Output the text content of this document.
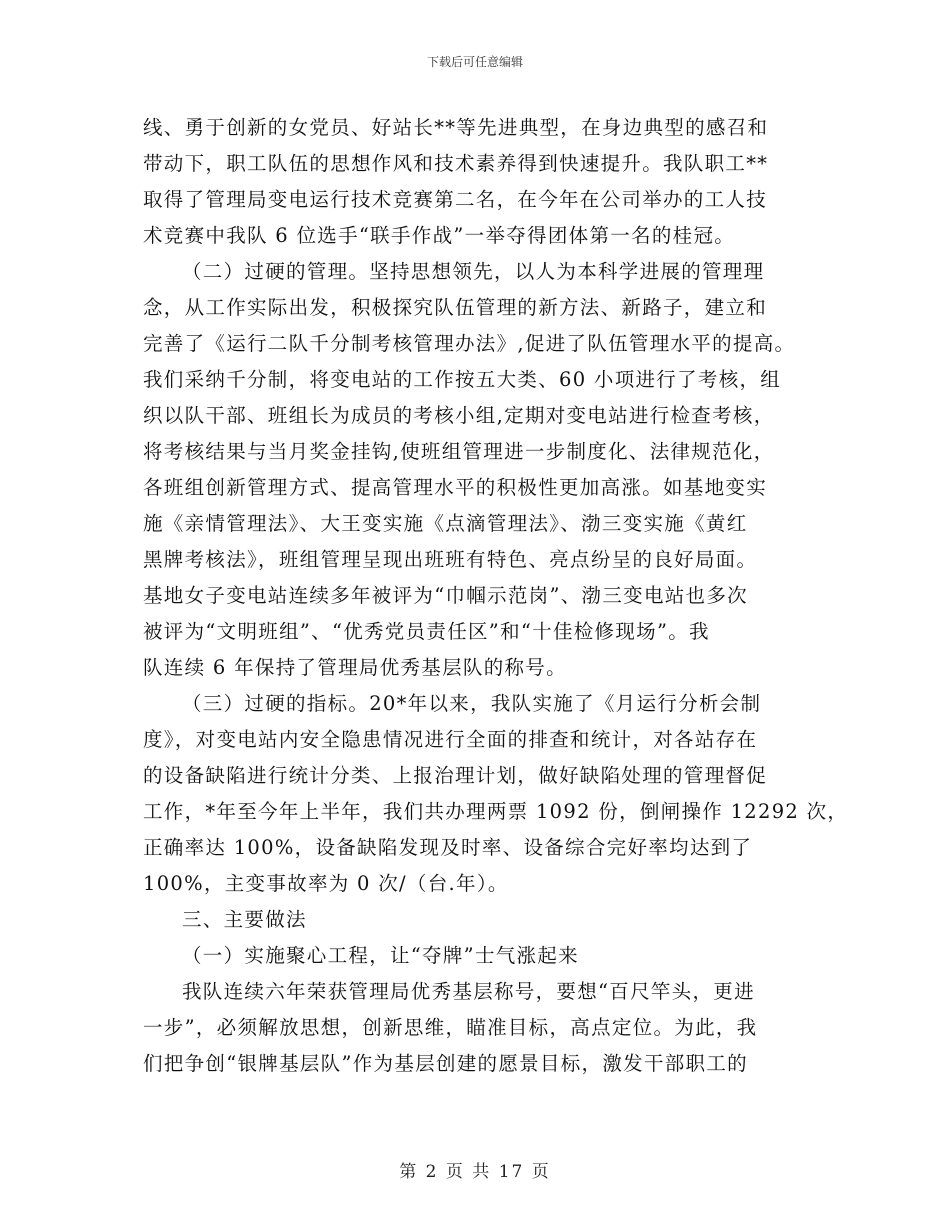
下载后可任意编辑
线、勇于创新的女党员、好站长**等先进典型，在身边典型的感召和
带动下，职工队伍的思想作风和技术素养得到快速提升。我队职工**
取得了管理局变电运行技术竞赛第二名，在今年在公司举办的工人技
术竞赛中我队 6 位选手“联手作战”一举夺得团体第一名的桂冠。
（二）过硬的管理。坚持思想领先，以人为本科学进展的管理理
念，从工作实际出发，积极探究队伍管理的新方法、新路子，建立和
完善了《运行二队千分制考核管理办法》,促进了队伍管理水平的提高。
我们采纳千分制，将变电站的工作按五大类、60 小项进行了考核，组
织以队干部、班组长为成员的考核小组,定期对变电站进行检查考核，
将考核结果与当月奖金挂钩,使班组管理进一步制度化、法律规范化，
各班组创新管理方式、提高管理水平的积极性更加高涨。如基地变实
施《亲情管理法》、大王变实施《点滴管理法》、渤三变实施《黄红
黑牌考核法》，班组管理呈现出班班有特色、亮点纷呈的良好局面。
基地女子变电站连续多年被评为“巾帼示范岗”、渤三变电站也多次
被评为“文明班组”、“优秀党员责任区”和“十佳检修现场”。我
队连续 6 年保持了管理局优秀基层队的称号。
（三）过硬的指标。20*年以来，我队实施了《月运行分析会制
度》，对变电站内安全隐患情况进行全面的排查和统计，对各站存在
的设备缺陷进行统计分类、上报治理计划，做好缺陷处理的管理督促
工作，*年至今年上半年，我们共办理两票 1092 份，倒闸操作 12292 次，
正确率达 100%，设备缺陷发现及时率、设备综合完好率均达到了
100%，主变事故率为 0 次/（台.年）。
三、主要做法
（一）实施聚心工程，让“夺牌”士气涨起来
我队连续六年荣获管理局优秀基层称号，要想“百尺竿头，更进
一步”，必须解放思想，创新思维，瞄准目标，高点定位。为此，我
们把争创“银牌基层队”作为基层创建的愿景目标，激发干部职工的
第 2 页 共 17 页
